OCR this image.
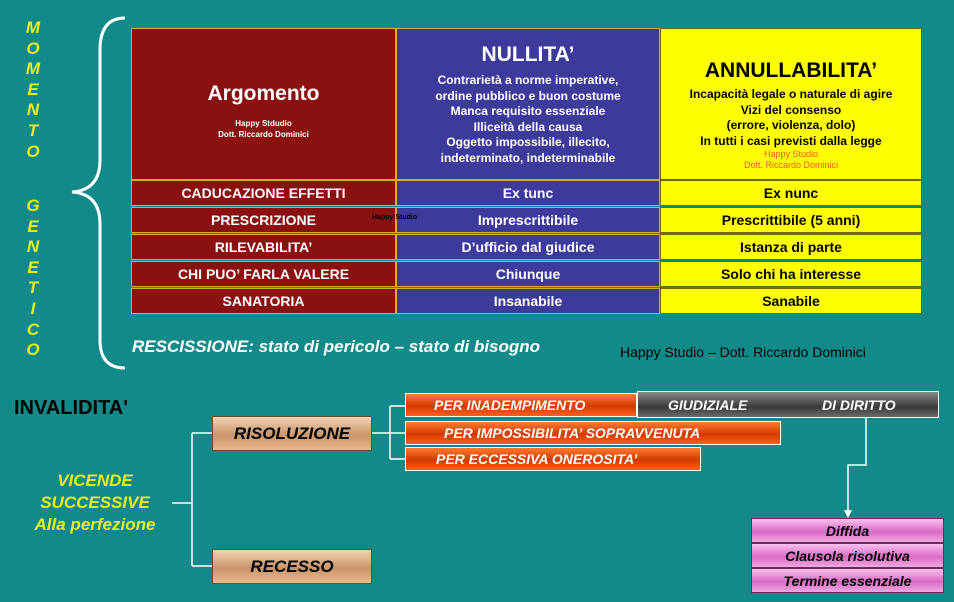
M
O
M
E
N
T
O
G
E
N
E
T
I
C
O
Argomento
Happy Stdudio
Dott. Riccardo Dominici
NULLITA’
Contrarietà a norme imperative,
ordine pubblico e buon costume
Manca requisito essenziale
Illiceità della causa
Oggetto impossibile, illecito,
indeterminato, indeterminabile
ANNULLABILITA’
Incapacità legale o naturale di agire
Vizi del consenso
(errore, violenza, dolo)
In tutti i casi previsti dalla legge
Happy Studio
Dott. Riccardo Dominici
CADUCAZIONE EFFETTI	Ex tunc	Ex nunc
PRESCRIZIONE	Imprescrittibile	Prescrittibile (5 anni)
Happy Studio
RILEVABILITA’	D’ufficio dal giudice	Istanza di parte
CHI PUO’ FARLA VALERE	Chiunque	Solo chi ha interesse
SANATORIA	Insanabile	Sanabile
RESCISSIONE: stato di pericolo – stato di bisogno	Happy Studio – Dott. Riccardo Dominici
INVALIDITA'
VICENDE
SUCCESSIVE
Alla perfezione
RISOLUZIONE
RECESSO
PER INADEMPIMENTO
PER IMPOSSIBILITA’ SOPRAVVENUTA
PER ECCESSIVA ONEROSITA’
GIUDIZIALE	DI DIRITTO
Diffida
Clausola risolutiva
Termine essenziale
